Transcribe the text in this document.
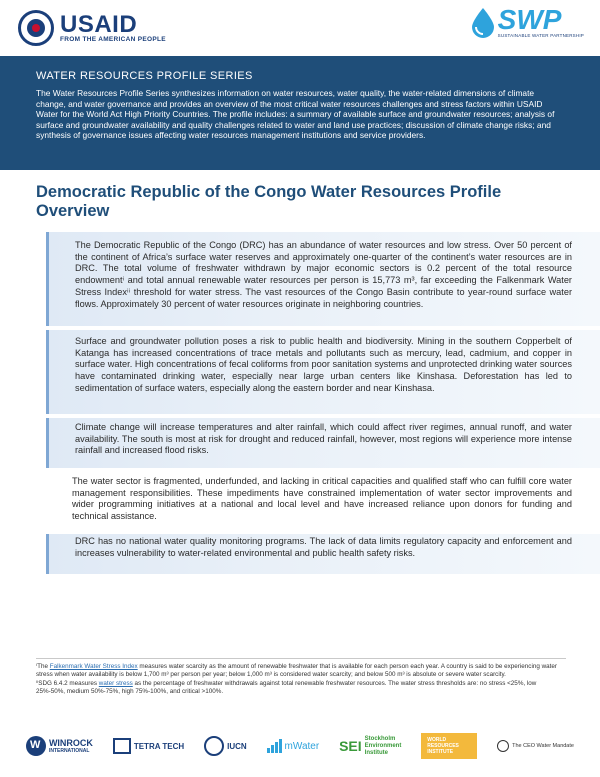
USAID
FROM THE AMERICAN PEOPLE
SWP
SUSTAINABLE WATER PARTNERSHIP
WATER RESOURCES PROFILE SERIES
The Water Resources Profile Series synthesizes information on water resources, water quality, the water-related dimensions of climate change, and water governance and provides an overview of the most critical water resources challenges and stress factors within USAID Water for the World Act High Priority Countries. The profile includes: a summary of available surface and groundwater resources; analysis of surface and groundwater availability and quality challenges related to water and land use practices; discussion of climate change risks; and synthesis of governance issues affecting water resources management institutions and service providers.
Democratic Republic of the Congo Water Resources Profile Overview
The Democratic Republic of the Congo (DRC) has an abundance of water resources and low stress. Over 50 percent of the continent of Africa’s surface water reserves and approximately one-quarter of the continent’s water resources are in DRC. The total volume of freshwater withdrawn by major economic sectors is 0.2 percent of the total resource endowmentⁱ and total annual renewable water resources per person is 15,773 m³, far exceeding the Falkenmark Water Stress Indexⁱⁱ threshold for water stress. The vast resources of the Congo Basin contribute to year-round surface water flows. Approximately 30 percent of water resources originate in neighboring countries.
Surface and groundwater pollution poses a risk to public health and biodiversity. Mining in the southern Copperbelt of Katanga has increased concentrations of trace metals and pollutants such as mercury, lead, cadmium, and copper in surface water. High concentrations of fecal coliforms from poor sanitation systems and unprotected drinking water sources have contaminated drinking water, especially near large urban centers like Kinshasa. Deforestation has led to sedimentation of surface waters, especially along the eastern border and near Kinshasa.
Climate change will increase temperatures and alter rainfall, which could affect river regimes, annual runoff, and water availability. The south is most at risk for drought and reduced rainfall, however, most regions will experience more intense rainfall and increased flood risks.
The water sector is fragmented, underfunded, and lacking in critical capacities and qualified staff who can fulfill core water management responsibilities. These impediments have constrained implementation of water sector improvements and wider programming initiatives at a national and local level and have increased reliance upon donors for funding and technical assistance.
DRC has no national water quality monitoring programs. The lack of data limits regulatory capacity and enforcement and increases vulnerability to water-related environmental and public health safety risks.
ⁱThe Falkenmark Water Stress Index measures water scarcity as the amount of renewable freshwater that is available for each person each year. A country is said to be experiencing water stress when water availability is below 1,700 m³ per person per year; below 1,000 m³ is considered water scarcity; and below 500 m³ is absolute or severe water scarcity.
ⁱⁱSDG 6.4.2 measures water stress as the percentage of freshwater withdrawals against total renewable freshwater resources. The water stress thresholds are: no stress <25%, low 25%-50%, medium 50%-75%, high 75%-100%, and critical >100%.
W
WINROCK
INTERNATIONAL
TETRA TECH	IUCN	mWater SEI Stockholm
Environment
Institute
WORLD RESOURCES INSTITUTE
The CEO Water Mandate
